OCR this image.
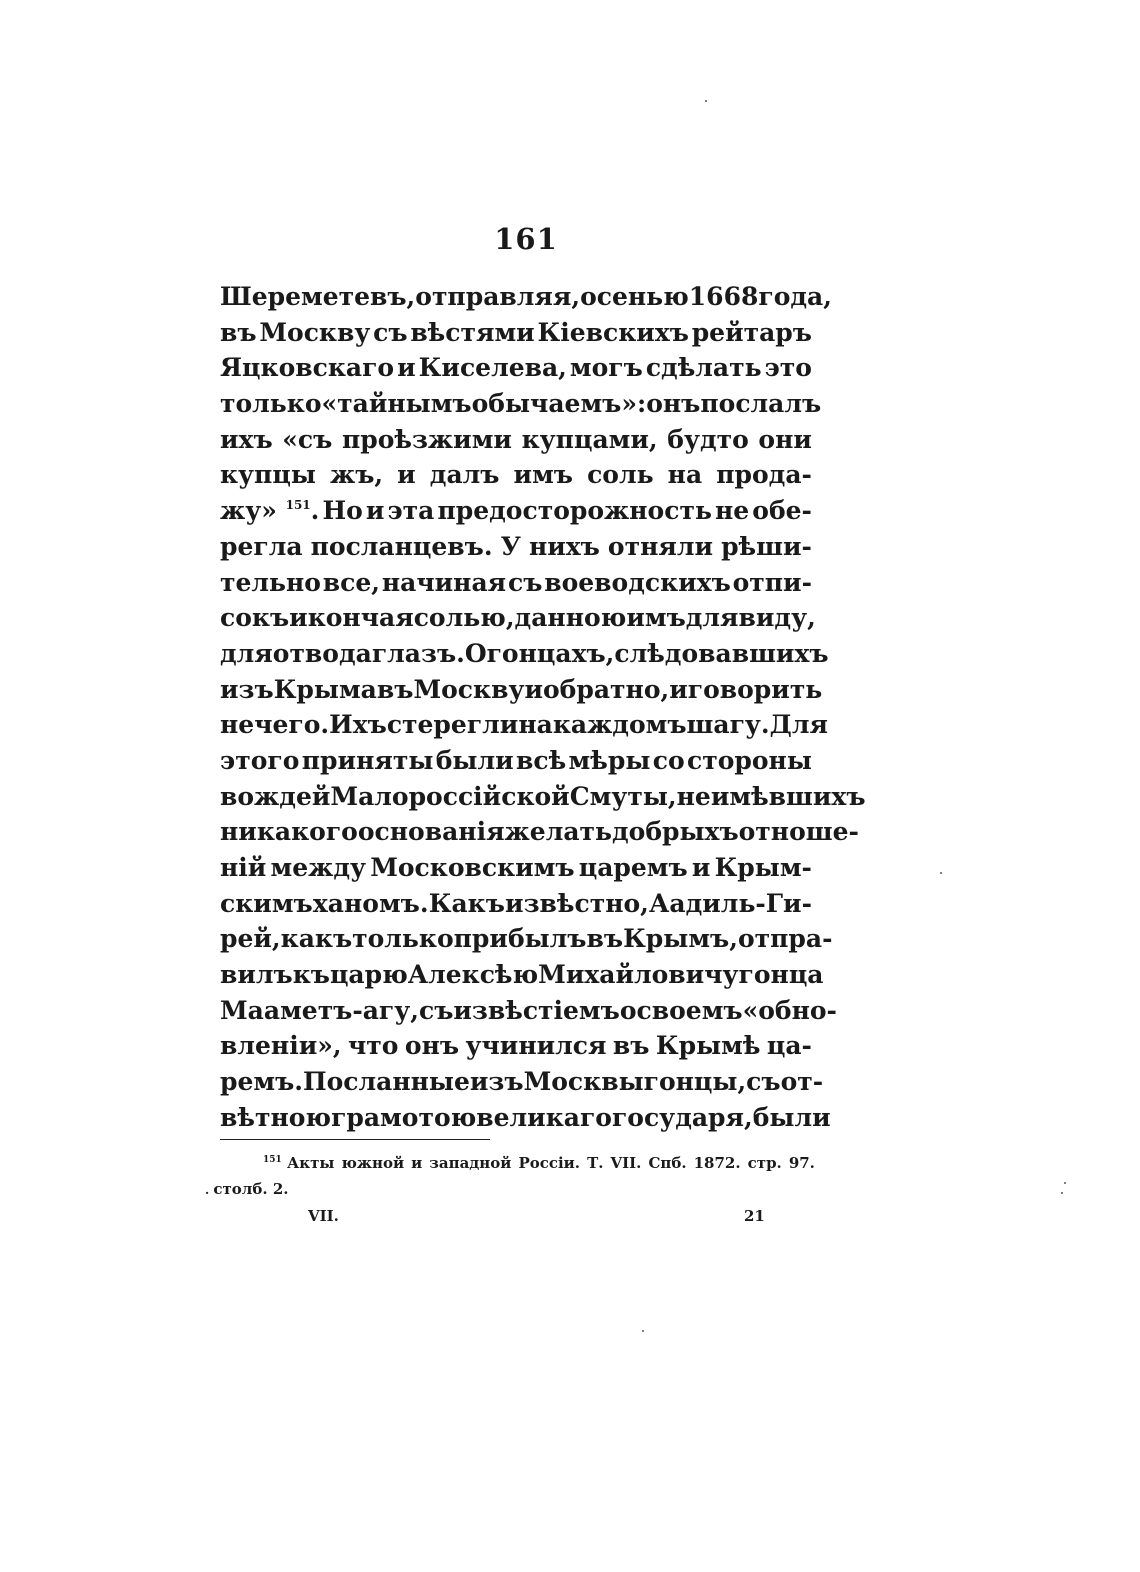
161
Шереметевъ, отправляя, осенью 1668 года,
въ Москву съ вѣстями Кіевскихъ рейтаръ
Яцковскаго и Киселева, могъ сдѣлать это
только «тайнымъ обычаемъ»: онъ послалъ
ихъ «съ проѣзжими купцами, будто они
купцы жъ, и далъ имъ соль на прода-
жу» $^{151}$. Но и эта предосторожность не обе-
регла посланцевъ. У нихъ отняли рѣши-
тельно все, начиная съ воеводскихъ отпи-
сокъ и кончая солью, данною имъ для виду,
для отвода глазъ. О гонцахъ, слѣдовавшихъ
изъ Крыма въ Москву и обратно, и говорить
нечего. Ихъ стерегли на каждомъ шагу. Для
этого приняты были всѣ мѣры со стороны
вождей Малороссійской Смуты, не имѣвшихъ
никакого основанія желать добрыхъ отноше-
ній между Московскимъ царемъ и Крым-
скимъ ханомъ. Какъ извѣстно, Аадиль-Ги-
рей, какъ только прибылъ въ Крымъ, отпра-
вилъ къ царю Алексѣю Михайловичу гонца
Мааметъ-агу, съ извѣстіемъ о своемъ «обно-
вленіи», что онъ учинился въ Крымѣ ца-
ремъ. Посланные изъ Москвы гонцы, съ от-
вѣтною грамотою великаго государя, были
$^{151}$ Акты южной и западной Россіи. Т. VII. Спб. 1872. стр. 97.
․ столб. 2.
VII.	21
